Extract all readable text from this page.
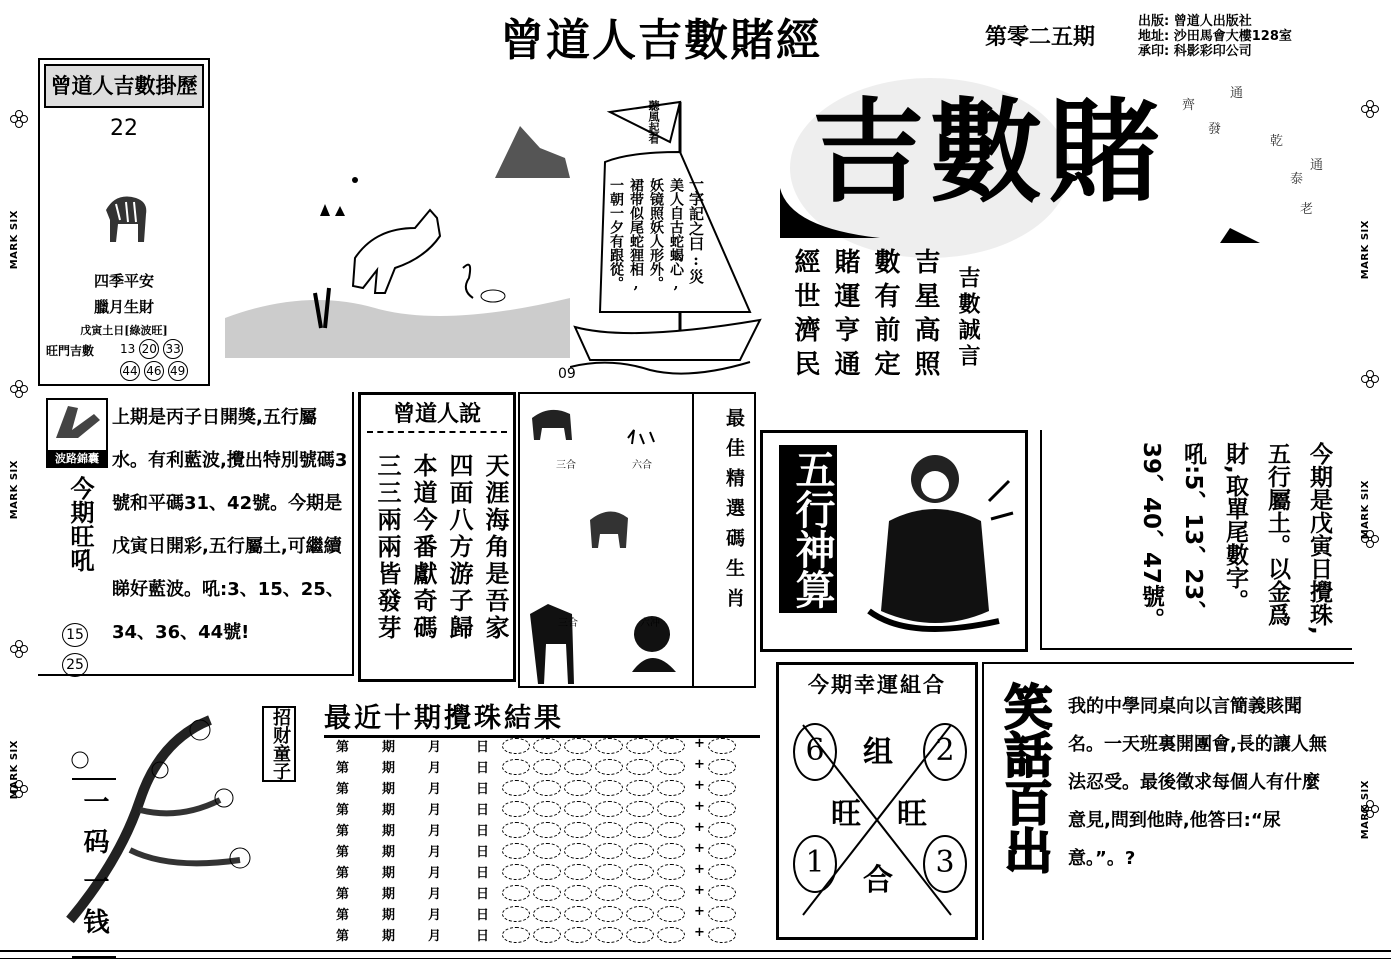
曾道人吉數賭經	第零二五期
出版: 曾道人出版社
地址: 沙田馬會大樓128室
承印: 科影彩印公司
MARK SIX
MARK SIX
MARK SIX
MARK SIX
MARK SIX
MARK SIX
曾道人吉數掛歷
22
四季平安
臘月生財
戊寅土日[綠波旺]
旺門吉數 13 20 33
44 46 49
聽風起看
一字記之曰:災
美人自古蛇蝎心,
妖镜照妖人形外。
裙带似尾蛇狸相,
一朝一夕有跟從。
09
吉數賭 齊
通
發
乾
通
泰
老
吉星高照
數有前定
賭運亨通
經世濟民	吉數誠言
波路錦囊
今期旺吼
上期是丙子日開獎,五行屬水。有利藍波,攪出特別號碼3號和平碼31、42號。今期是戊寅日開彩,五行屬土,可繼續睇好藍波。吼:3、15、25、34、36、44號!
15
25
曾道人說
天涯海角是吾家
四面八方游子歸
本道今番獻奇碼
三三兩兩皆發芽	三合	六合
三合	六冲
最佳精選碼生肖 五行神算	今期是戊寅日攪珠,五行屬土。以金爲財,取單尾數字。吼:5、13、23、39、40、47號。
一码一钱
招财童子 最近十期攪珠結果
第	期	月	日	+
第	期	月	日	+
第	期	月	日	+
第	期	月	日	+
第	期	月	日	+
第	期	月	日	+
第	期	月	日	+
第	期	月	日	+
第	期	月	日	+
第	期	月	日	+
今期幸運組合
6	2
1	3
组
旺 旺
合
笑話百出 我的中學同桌向以言簡義賅聞名。一天班裏開團會,長的讓人無法忍受。最後徵求每個人有什麼意見,問到他時,他答曰:“尿意。”。?
